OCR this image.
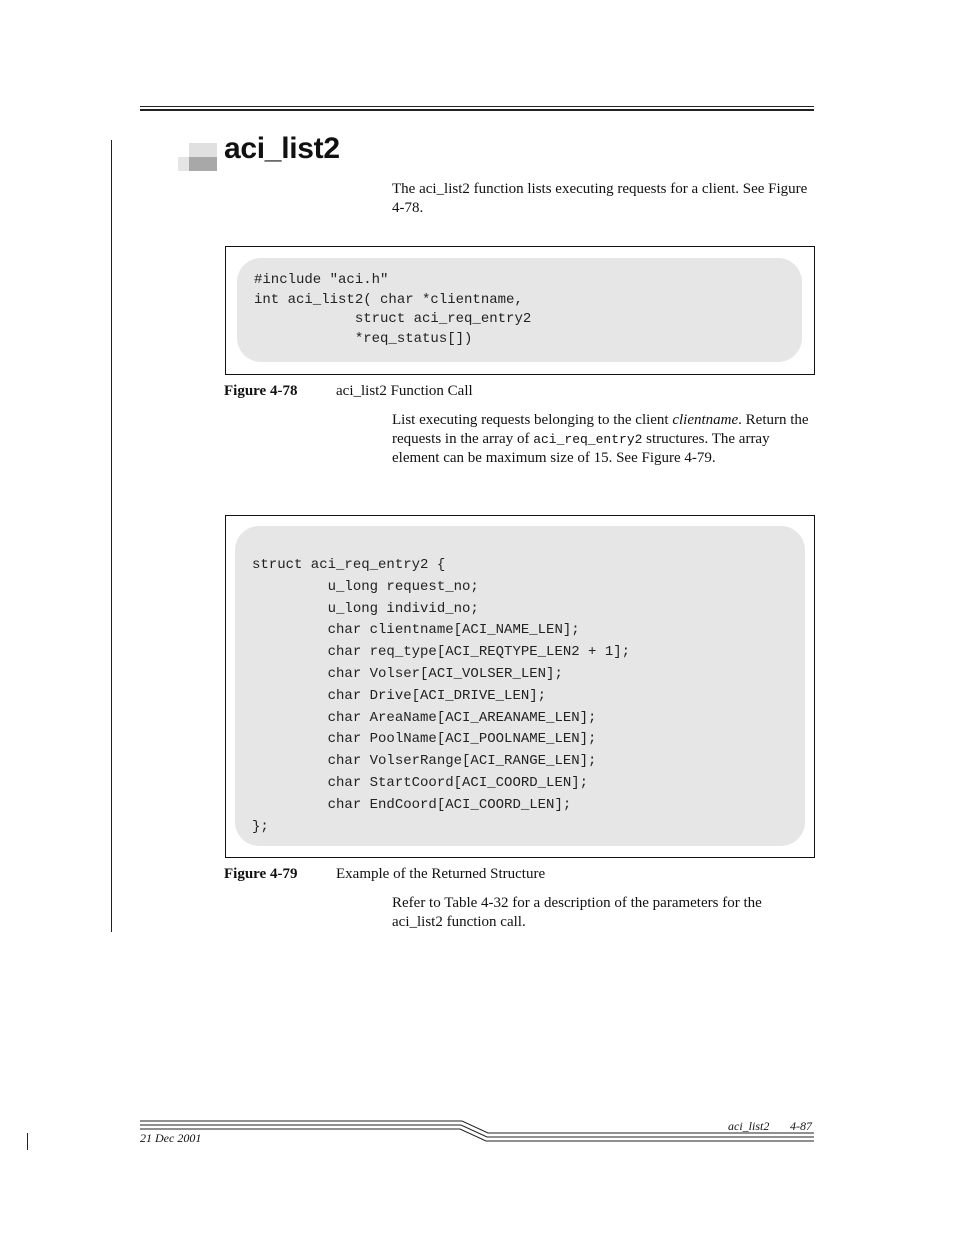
aci_list2
The aci_list2 function lists executing requests for a client. See Figure 4-78.
#include "aci.h"
int aci_list2( char *clientname,
struct aci_req_entry2
*req_status[])
Figure 4-78	aci_list2 Function Call
List executing requests belonging to the client clientname. Return the requests in the array of aci_req_entry2 structures. The array element can be maximum size of 15. See Figure 4-79.
struct aci_req_entry2 {
u_long request_no;
u_long individ_no;
char clientname[ACI_NAME_LEN];
char req_type[ACI_REQTYPE_LEN2 + 1];
char Volser[ACI_VOLSER_LEN];
char Drive[ACI_DRIVE_LEN];
char AreaName[ACI_AREANAME_LEN];
char PoolName[ACI_POOLNAME_LEN];
char VolserRange[ACI_RANGE_LEN];
char StartCoord[ACI_COORD_LEN];
char EndCoord[ACI_COORD_LEN];
};
Figure 4-79	Example of the Returned Structure
Refer to Table 4-32 for a description of the parameters for the aci_list2 function call.
aci_list2 4-87
21 Dec 2001
